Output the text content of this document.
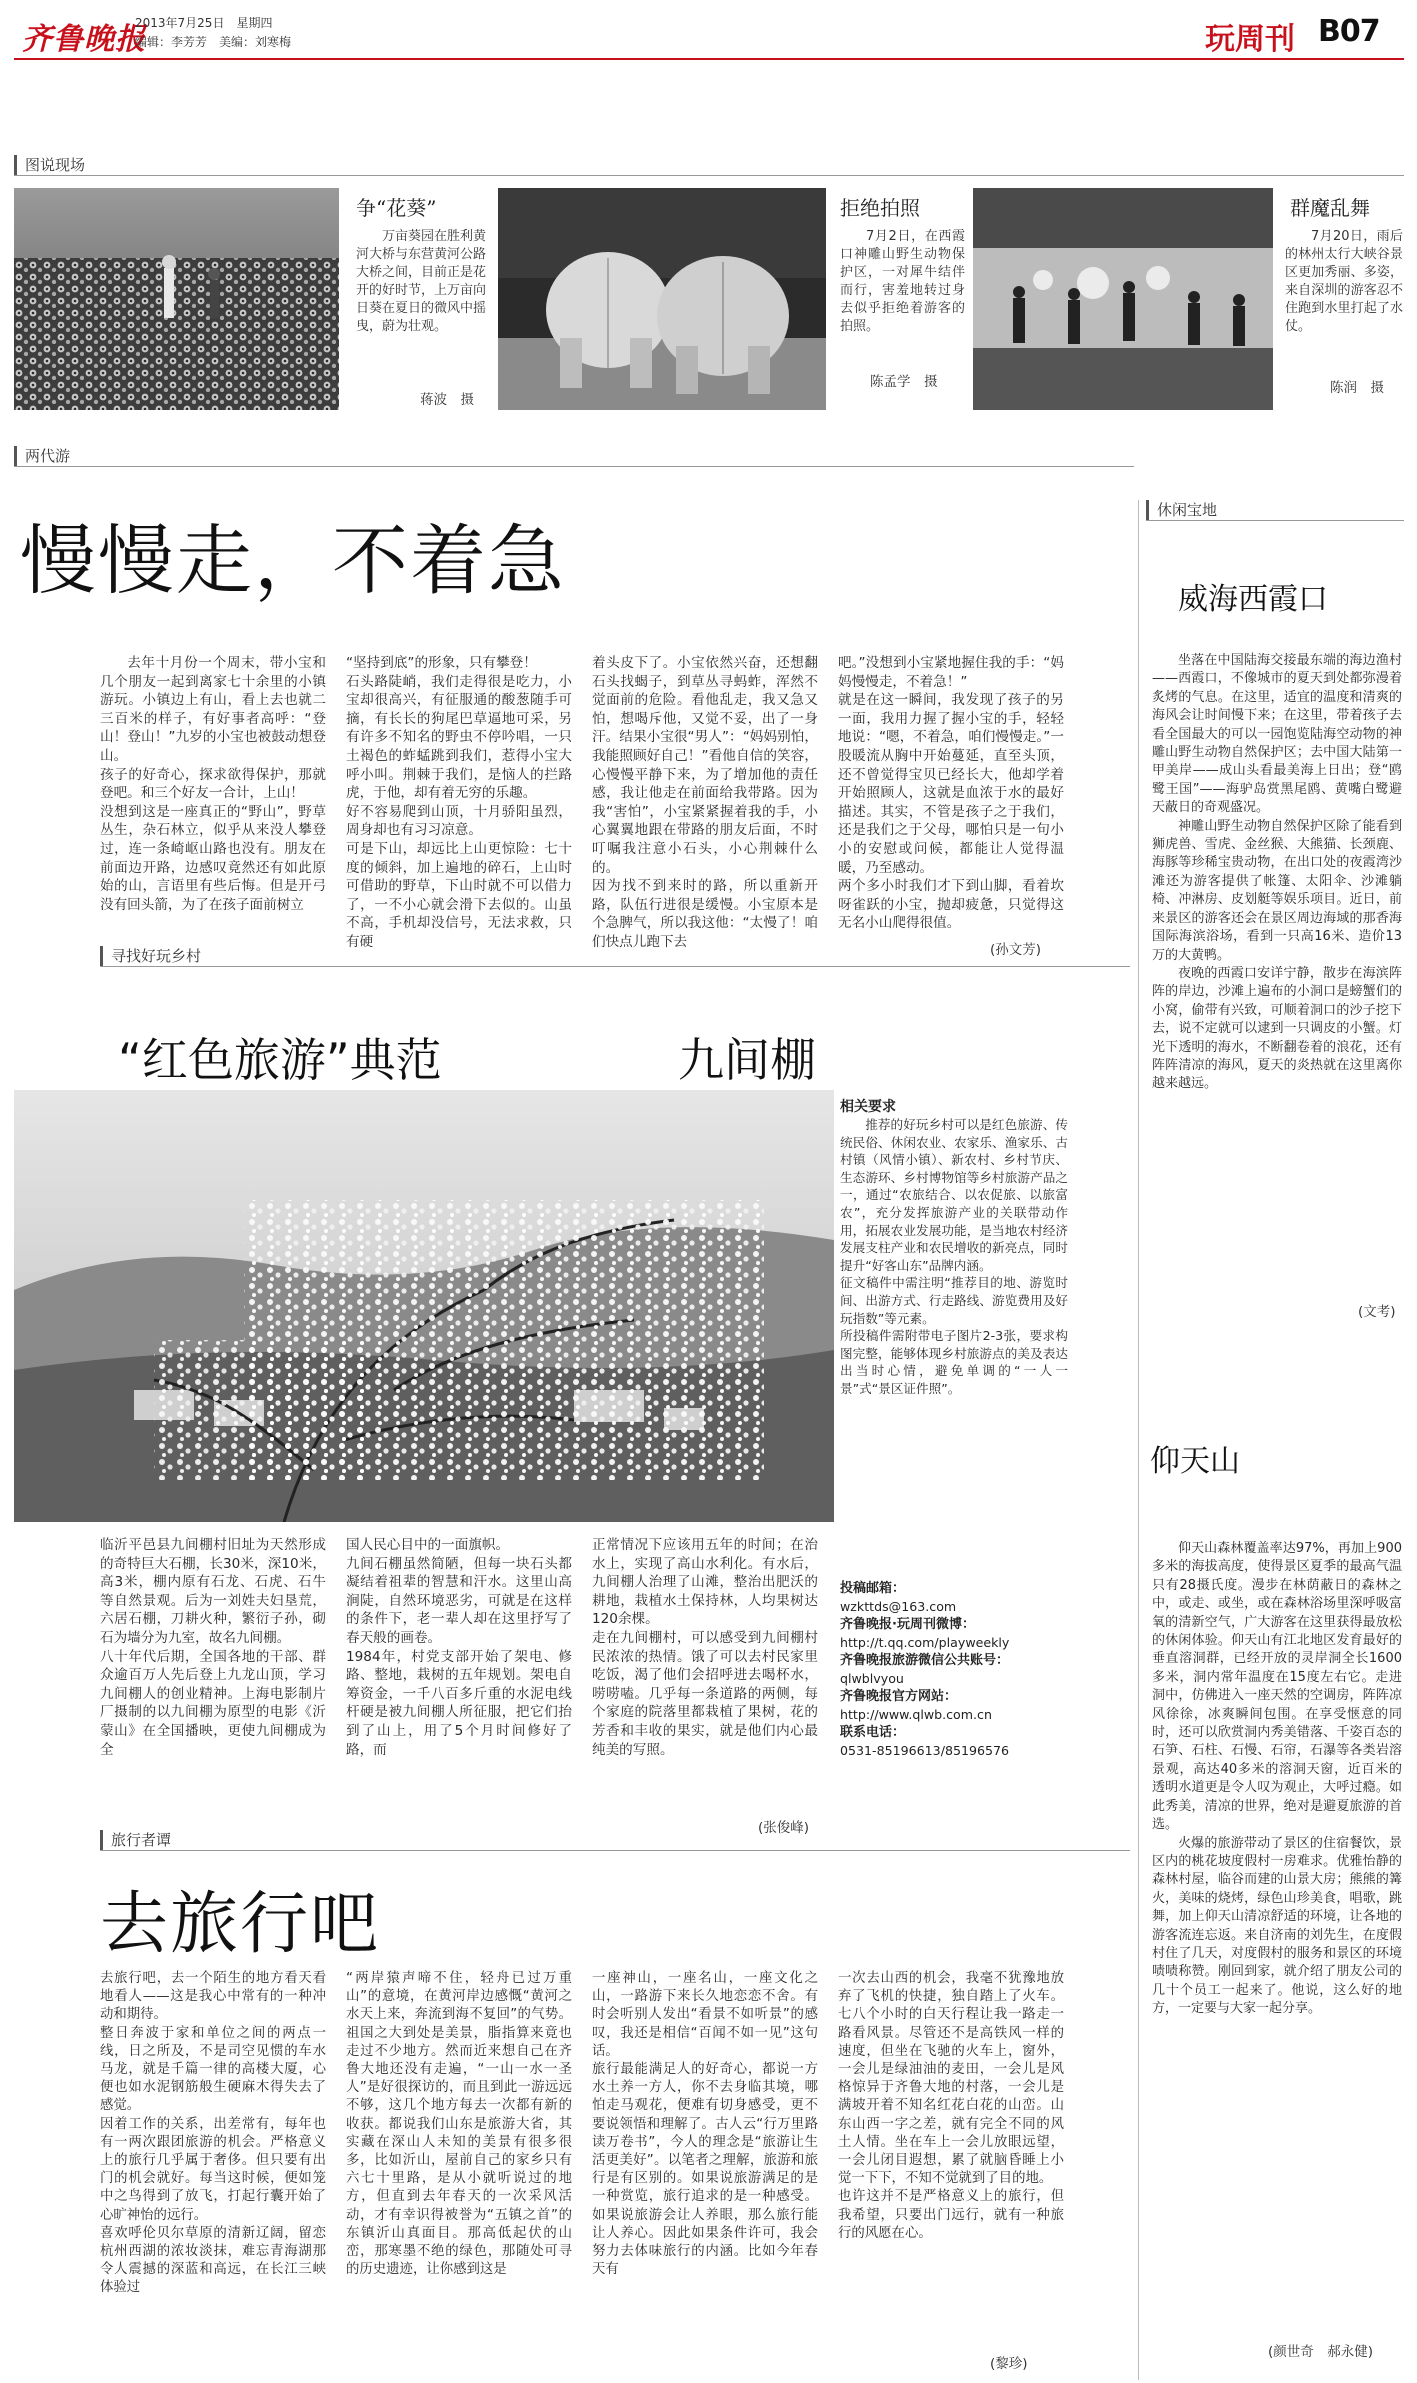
齐鲁晚报
2013年7月25日　星期四
编辑：李芳芳　美编：刘寒梅	玩周刊 B07
图说现场
争“花葵”
万亩葵园在胜利黄河大桥与东营黄河公路大桥之间，目前正是花开的好时节，上万亩向日葵在夏日的微风中摇曳，蔚为壮观。
蒋波　摄
拒绝拍照
7月2日，在西霞口神雕山野生动物保护区，一对犀牛结伴而行，害羞地转过身去似乎拒绝着游客的拍照。
陈孟学　摄
群魔乱舞
7月20日，雨后的林州太行大峡谷景区更加秀丽、多姿，来自深圳的游客忍不住跑到水里打起了水仗。
陈润　摄
两代游
慢慢走，不着急
去年十月份一个周末，带小宝和几个朋友一起到离家七十余里的小镇游玩。小镇边上有山，看上去也就二三百米的样子，有好事者高呼：“登山！登山！”九岁的小宝也被鼓动想登山。
孩子的好奇心，探求欲得保护，那就登吧。和三个好友一合计，上山！
没想到这是一座真正的“野山”，野草丛生，杂石林立，似乎从来没人攀登过，连一条崎岖山路也没有。朋友在前面边开路，边感叹竟然还有如此原始的山，言语里有些后悔。但是开弓没有回头箭，为了在孩子面前树立
“坚持到底”的形象，只有攀登！
石头路陡峭，我们走得很是吃力，小宝却很高兴，有征服通的酸葱随手可摘，有长长的狗尾巴草逼地可采，另有许多不知名的野虫不停吟唱，一只土褐色的蚱蜢跳到我们，惹得小宝大呼小叫。荆棘于我们，是恼人的拦路虎，于他，却有着无穷的乐趣。
好不容易爬到山顶，十月骄阳虽烈，周身却也有习习凉意。
可是下山，却远比上山更惊险：七十度的倾斜，加上遍地的碎石，上山时可借助的野草，下山时就不可以借力了，一不小心就会滑下去似的。山虽不高，手机却没信号，无法求救，只有硬
着头皮下了。小宝依然兴奋，还想翻石头找蝎子，到草丛寻蚂蚱，浑然不觉面前的危险。看他乱走，我又急又怕，想喝斥他，又觉不妥，出了一身汗。结果小宝很“男人”：“妈妈别怕，我能照顾好自己！”看他自信的笑容，心慢慢平静下来，为了增加他的责任感，我让他走在前面给我带路。因为我“害怕”，小宝紧紧握着我的手，小心翼翼地跟在带路的朋友后面，不时叮嘱我注意小石头，小心荆棘什么的。
因为找不到来时的路，所以重新开路，队伍行进很是缓慢。小宝原本是个急脾气，所以我这他：“太慢了！咱们快点儿跑下去
吧。”没想到小宝紧地握住我的手：“妈妈慢慢走，不着急！”
就是在这一瞬间，我发现了孩子的另一面，我用力握了握小宝的手，轻轻地说：“嗯，不着急，咱们慢慢走。”一股暖流从胸中开始蔓延，直至头顶，还不曾觉得宝贝已经长大，他却学着开始照顾人，这就是血浓于水的最好描述。其实，不管是孩子之于我们，还是我们之于父母，哪怕只是一句小小的安慰或问候，都能让人觉得温暖，乃至感动。
两个多小时我们才下到山脚，看着坎呀雀跃的小宝，抛却疲惫，只觉得这无名小山爬得很值。
(孙文芳)
休闲宝地
威海西霞口

坐落在中国陆海交接最东端的海边渔村——西霞口，不像城市的夏天到处都弥漫着炙烤的气息。在这里，适宜的温度和清爽的海风会让时间慢下来；在这里，带着孩子去看全国最大的可以一园饱览陆海空动物的神雕山野生动物自然保护区；去中国大陆第一甲美岸——成山头看最美海上日出；登“鸥鹭王国”——海驴岛赏黑尾鸥、黄嘴白鹭避天蔽日的奇观盛况。

神雕山野生动物自然保护区除了能看到狮虎兽、雪虎、金丝猴、大熊猫、长颈鹿、海豚等珍稀宝贵动物，在出口处的夜霞湾沙滩还为游客提供了帐篷、太阳伞、沙滩躺椅、冲淋房、皮划艇等娱乐项目。近日，前来景区的游客还会在景区周边海域的那香海国际海滨浴场，看到一只高16米、造价13万的大黄鸭。

夜晚的西霞口安详宁静，散步在海滨阵阵的岸边，沙滩上遍布的小洞口是螃蟹们的小窝，偷带有兴致，可顺着洞口的沙子挖下去，说不定就可以逮到一只调皮的小蟹。灯光下透明的海水，不断翻卷着的浪花，还有阵阵清凉的海风，夏天的炎热就在这里离你越来越远。

(文考)
仰天山

仰天山森林覆盖率达97%，再加上900多米的海拔高度，使得景区夏季的最高气温只有28摄氏度。漫步在林荫蔽日的森林之中，或走、或坐，或在森林浴场里深呼吸富氧的清新空气，广大游客在这里获得最放松的休闲体验。仰天山有江北地区发育最好的垂直溶洞群，已经开放的灵岸洞全长1600多米，洞内常年温度在15度左右它。走进洞中，仿佛进入一座天然的空调房，阵阵凉风徐徐，冰爽瞬间包围。在享受惬意的同时，还可以欣赏洞内秀美错落、千姿百态的石笋、石柱、石慢、石帘，石瀑等各类岩溶景观，高达40多米的溶洞天窗，近百米的透明水道更是令人叹为观止，大呼过瘾。如此秀美，清凉的世界，绝对是避夏旅游的首选。

火爆的旅游带动了景区的住宿餐饮，景区内的桃花坡度假村一房难求。优雅怡静的森林村屋，临谷而建的山景大房；熊熊的篝火，美味的烧烤，绿色山珍美食，唱歌，跳舞，加上仰天山清凉舒适的环境，让各地的游客流连忘返。来自济南的刘先生，在度假村住了几天，对度假村的服务和景区的环境啧啧称赞。刚回到家，就介绍了朋友公司的几十个员工一起来了。他说，这么好的地方，一定要与大家一起分享。

(颜世奇　郝永健)
寻找好玩乡村
“红色旅游”典范	九间棚
临沂平邑县九间棚村旧址为天然形成的奇特巨大石棚，长30米，深10米，高3米，棚内原有石龙、石虎、石牛等自然景观。后为一刘姓夫妇垦荒，六居石棚，刀耕火种，繁衍子孙，砌石为墙分为九室，故名九间棚。
八十年代后期，全国各地的干部、群众逾百万人先后登上九龙山顶，学习九间棚人的创业精神。上海电影制片厂摄制的以九间棚为原型的电影《沂蒙山》在全国播映，更使九间棚成为全
国人民心目中的一面旗帜。
九间石棚虽然简陋，但每一块石头都凝结着祖辈的智慧和汗水。这里山高涧陡，自然环境恶劣，可就是在这样的条件下，老一辈人却在这里抒写了春天般的画卷。
1984年，村党支部开始了架电、修路、整地，栽树的五年规划。架电自筹资金，一千八百多斤重的水泥电线杆硬是被九间棚人所征服，把它们抬到了山上，用了5个月时间修好了路，而
正常情况下应该用五年的时间；在治水上，实现了高山水利化。有水后，九间棚人治理了山滩，整治出肥沃的耕地，栽植水土保持林，人均果树达120余棵。
走在九间棚村，可以感受到九间棚村民浓浓的热情。饿了可以去村民家里吃饭，渴了他们会招呼进去喝杯水，唠唠嗑。几乎每一条道路的两侧，每个家庭的院落里都栽植了果树，花的芳香和丰收的果实，就是他们内心最纯美的写照。
(张俊峰)
相关要求
推荐的好玩乡村可以是红色旅游、传统民俗、休闲农业、农家乐、渔家乐、古村镇（风情小镇）、新农村、乡村节庆、生态游环、乡村博物馆等乡村旅游产品之一，通过“农旅结合、以农促旅、以旅富农”，充分发挥旅游产业的关联带动作用，拓展农业发展功能，是当地农村经济发展支柱产业和农民增收的新亮点，同时提升“好客山东”品牌内涵。
征文稿件中需注明“推荐目的地、游览时间、出游方式、行走路线、游览费用及好玩指数”等元素。
所投稿件需附带电子图片2-3张，要求构图完整，能够体现乡村旅游点的美及表达出当时心情，避免单调的“一人一景”式“景区证件照”。
投稿邮箱：
wzkttds@163.com
齐鲁晚报·玩周刊微博：
http://t.qq.com/playweekly
齐鲁晚报旅游微信公共账号：
qlwblvyou
齐鲁晚报官方网站：
http://www.qlwb.com.cn
联系电话：
0531-85196613/85196576
旅行者谭
去旅行吧
去旅行吧，去一个陌生的地方看天看地看人——这是我心中常有的一种冲动和期待。
整日奔波于家和单位之间的两点一线，日之所及，不是司空见惯的车水马龙，就是千篇一律的高楼大厦，心便也如水泥钢筋般生硬麻木得失去了感觉。
因着工作的关系，出差常有，每年也有一两次跟团旅游的机会。严格意义上的旅行几乎属于奢侈。但只要有出门的机会就好。每当这时候，便如笼中之鸟得到了放飞，打起行囊开始了心旷神怡的远行。
喜欢呼伦贝尔草原的清新辽阔，留恋杭州西湖的浓妆淡抹，难忘青海湖那令人震撼的深蓝和高远，在长江三峡体验过
“两岸猿声啼不住，轻舟已过万重山”的意境，在黄河岸边感慨“黄河之水天上来，奔流到海不复回”的气势。祖国之大到处是美景，脂指算来竟也走过不少地方。然而近来想自己在齐鲁大地还没有走遍，“一山一水一圣人”是好很探访的，而且到此一游远远不够，这几个地方每去一次都有新的收获。都说我们山东是旅游大省，其实藏在深山人未知的美景有很多很多，比如沂山，屋前自己的家乡只有六七十里路，是从小就听说过的地方，但直到去年春天的一次采风活动，才有幸识得被誉为“五镇之首”的东镇沂山真面目。那高低起伏的山峦，那寒墨不绝的绿色，那随处可寻的历史遗迹，让你感到这是
一座神山，一座名山，一座文化之山，一路游下来长久地恋恋不舍。有时会听别人发出“看景不如听景”的感叹，我还是相信“百闻不如一见”这句话。
旅行最能满足人的好奇心，都说一方水土养一方人，你不去身临其境，哪怕走马观花，便难有切身感受，更不要说领悟和理解了。古人云“行万里路读万卷书”，今人的理念是“旅游让生活更美好”。以笔者之理解，旅游和旅行是有区别的。如果说旅游满足的是一种赏览，旅行追求的是一种感受。如果说旅游会让人养眼，那么旅行能让人养心。因此如果条件许可，我会努力去体味旅行的内涵。比如今年春天有
一次去山西的机会，我毫不犹豫地放弃了飞机的快捷，独自踏上了火车。七八个小时的白天行程让我一路走一路看风景。尽管还不是高铁风一样的速度，但坐在飞驰的火车上，窗外，一会儿是绿油油的麦田，一会儿是风格惊异于齐鲁大地的村落，一会儿是满坡开着不知名红花白花的山峦。山东山西一字之差，就有完全不同的风土人情。坐在车上一会儿放眼远望，一会儿闭目遐想，累了就脑昏睡上小觉一下下，不知不觉就到了目的地。
也许这并不是严格意义上的旅行，但我希望，只要出门远行，就有一种旅行的风愿在心。
(黎珍)
